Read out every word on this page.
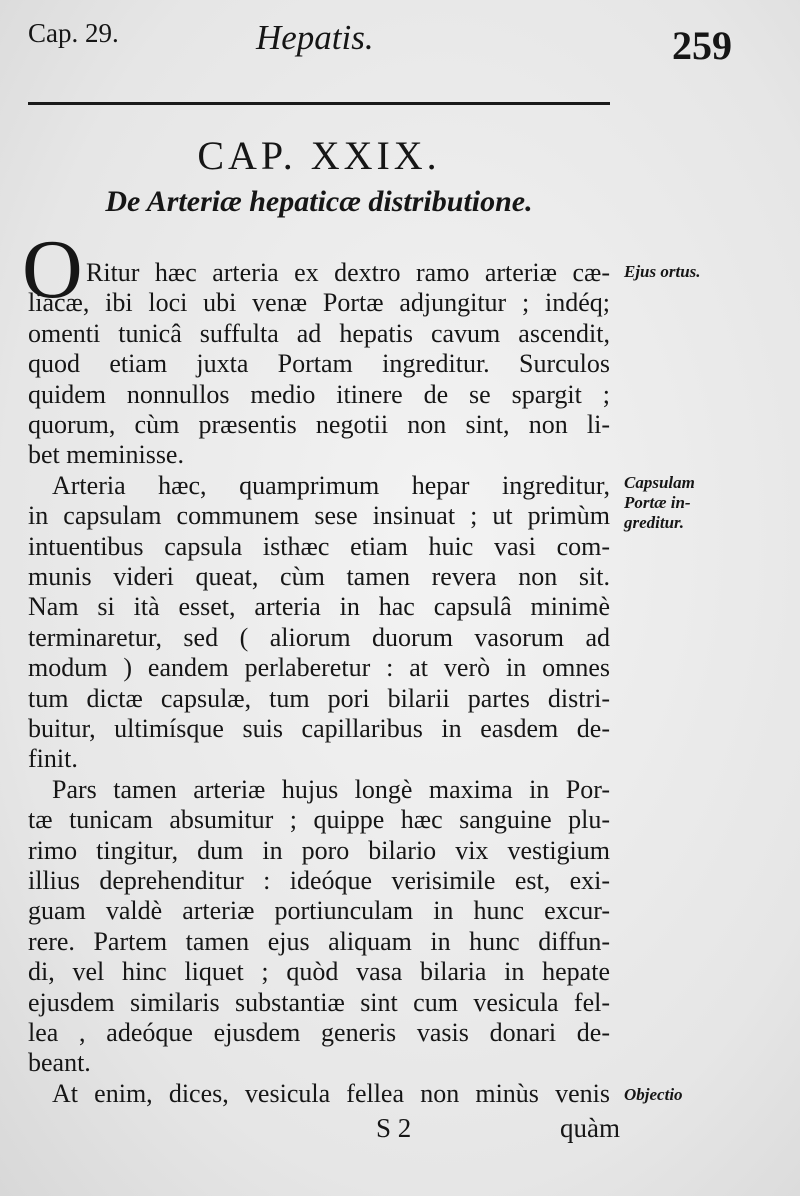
Cap. 29.	Hepatis.	259
CAP. XXIX.
De Arteriæ hepaticæ distributione.
O	Ejus ortus.
Capsulam Portæ in-
greditur.
Objectio
S 2	quàm
Ritur hæc arteria ex dextro ramo arteriæ cæ-
liacæ, ibi loci ubi venæ Portæ adjungitur ; indéq;
omenti tunicâ suffulta ad hepatis cavum ascendit,
quod etiam juxta Portam ingreditur. Surculos
quidem nonnullos medio itinere de se spargit ;
quorum, cùm præsentis negotii non sint, non li-
bet meminisse.
Arteria hæc, quamprimum hepar ingreditur,
in capsulam communem sese insinuat ; ut primùm
intuentibus capsula isthæc etiam huic vasi com-
munis videri queat, cùm tamen revera non sit.
Nam si ità esset, arteria in hac capsulâ minimè
terminaretur, sed ( aliorum duorum vasorum ad
modum ) eandem perlaberetur : at verò in omnes
tum dictæ capsulæ, tum pori bilarii partes distri-
buitur, ultimísque suis capillaribus in easdem de-
finit.
Pars tamen arteriæ hujus longè maxima in Por-
tæ tunicam absumitur ; quippe hæc sanguine plu-
rimo tingitur, dum in poro bilario vix vestigium
illius deprehenditur : ideóque verisimile est, exi-
guam valdè arteriæ portiunculam in hunc excur-
rere. Partem tamen ejus aliquam in hunc diffun-
di, vel hinc liquet ; quòd vasa bilaria in hepate
ejusdem similaris substantiæ sint cum vesicula fel-
lea , adeóque ejusdem generis vasis donari de-
beant.
At enim, dices, vesicula fellea non minùs venis
